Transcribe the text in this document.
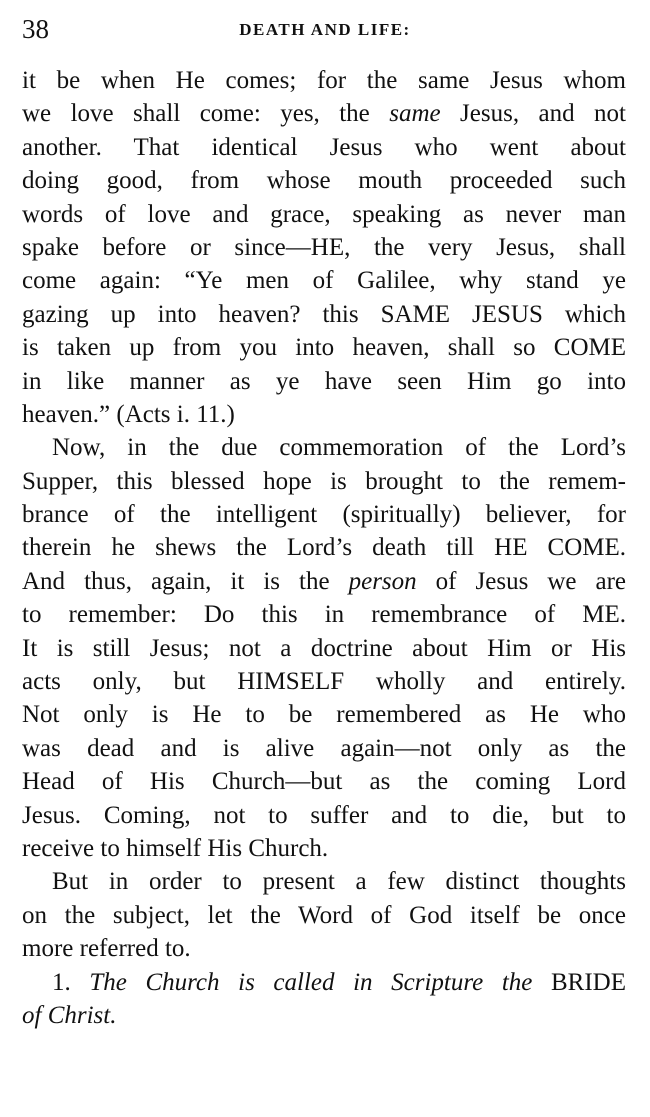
38	DEATH AND LIFE:
it be when He comes; for the same Jesus whom
we love shall come: yes, the same Jesus, and not
another. That identical Jesus who went about
doing good, from whose mouth proceeded such
words of love and grace, speaking as never man
spake before or since—HE, the very Jesus, shall
come again: “Ye men of Galilee, why stand ye
gazing up into heaven? this SAME JESUS which
is taken up from you into heaven, shall so COME
in like manner as ye have seen Him go into
heaven.” (Acts i. 11.)
Now, in the due commemoration of the Lord’s
Supper, this blessed hope is brought to the remem-
brance of the intelligent (spiritually) believer, for
therein he shews the Lord’s death till HE COME.
And thus, again, it is the person of Jesus we are
to remember: Do this in remembrance of ME.
It is still Jesus; not a doctrine about Him or His
acts only, but HIMSELF wholly and entirely.
Not only is He to be remembered as He who
was dead and is alive again—not only as the
Head of His Church—but as the coming Lord
Jesus. Coming, not to suffer and to die, but to
receive to himself His Church.
But in order to present a few distinct thoughts
on the subject, let the Word of God itself be once
more referred to.
1. The Church is called in Scripture the BRIDE
of Christ.
